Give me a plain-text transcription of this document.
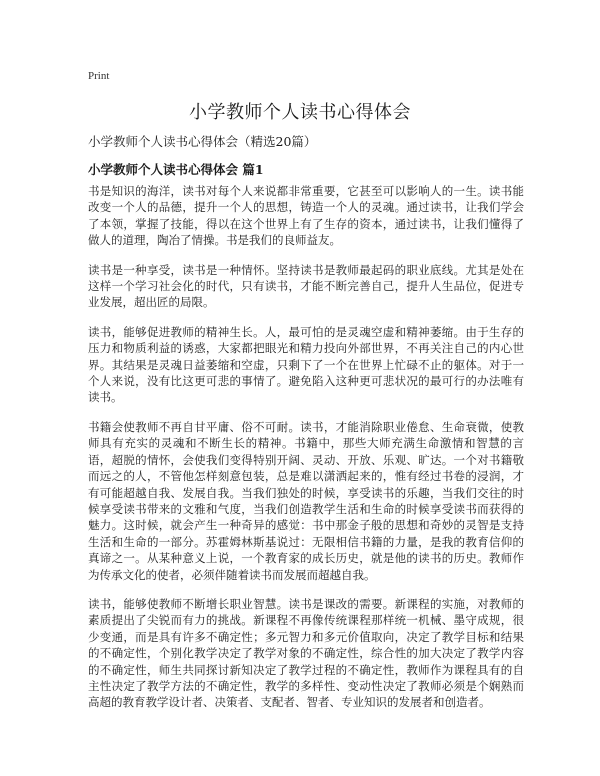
Print
小学教师个人读书心得体会

小学教师个人读书心得体会（精选20篇）

小学教师个人读书心得体会 篇1

书是知识的海洋，读书对每个人来说都非常重要，它甚至可以影响人的一生。读书能改变一个人的品德，提升一个人的思想，铸造一个人的灵魂。通过读书，让我们学会了本领，掌握了技能，得以在这个世界上有了生存的资本，通过读书，让我们懂得了做人的道理，陶冶了情操。书是我们的良师益友。

读书是一种享受，读书是一种情怀。坚持读书是教师最起码的职业底线。尤其是处在这样一个学习社会化的时代，只有读书，才能不断完善自己，提升人生品位，促进专业发展，超出匠的局限。

读书，能够促进教师的精神生长。人，最可怕的是灵魂空虚和精神萎缩。由于生存的压力和物质利益的诱惑，大家都把眼光和精力投向外部世界，不再关注自己的内心世界。其结果是灵魂日益萎缩和空虚，只剩下了一个在世界上忙碌不止的躯体。对于一个人来说，没有比这更可悲的事情了。避免陷入这种更可悲状况的最可行的办法唯有读书。

书籍会使教师不再自甘平庸、俗不可耐。读书，才能消除职业倦怠、生命衰微，使教师具有充实的灵魂和不断生长的精神。书籍中，那些大师充满生命激情和智慧的言语，超脱的情怀，会使我们变得特别开阔、灵动、开放、乐观、旷达。一个对书籍敬而远之的人，不管他怎样刻意包装，总是难以潇洒起来的，惟有经过书卷的浸润，才有可能超越自我、发展自我。当我们独处的时候，享受读书的乐趣，当我们交往的时候享受读书带来的文雅和气度，当我们创造教学生活和生命的时候享受读书而获得的魅力。这时候，就会产生一种奇异的感觉：书中那金子般的思想和奇妙的灵智是支持生活和生命的一部分。苏霍姆林斯基说过：无限相信书籍的力量，是我的教育信仰的真谛之一。从某种意义上说，一个教育家的成长历史，就是他的读书的历史。教师作为传承文化的使者，必须伴随着读书而发展而超越自我。

读书，能够使教师不断增长职业智慧。读书是课改的需要。新课程的实施，对教师的素质提出了尖锐而有力的挑战。新课程不再像传统课程那样统一机械、墨守成规，很少变通，而是具有许多不确定性；多元智力和多元价值取向，决定了教学目标和结果的不确定性，个别化教学决定了教学对象的不确定性，综合性的加大决定了教学内容的不确定性，师生共同探讨新知决定了教学过程的不确定性，教师作为课程具有的自主性决定了教学方法的不确定性，教学的多样性、变动性决定了教师必须是个娴熟而高超的教育教学设计者、决策者、支配者、智者、专业知识的发展者和创造者。
